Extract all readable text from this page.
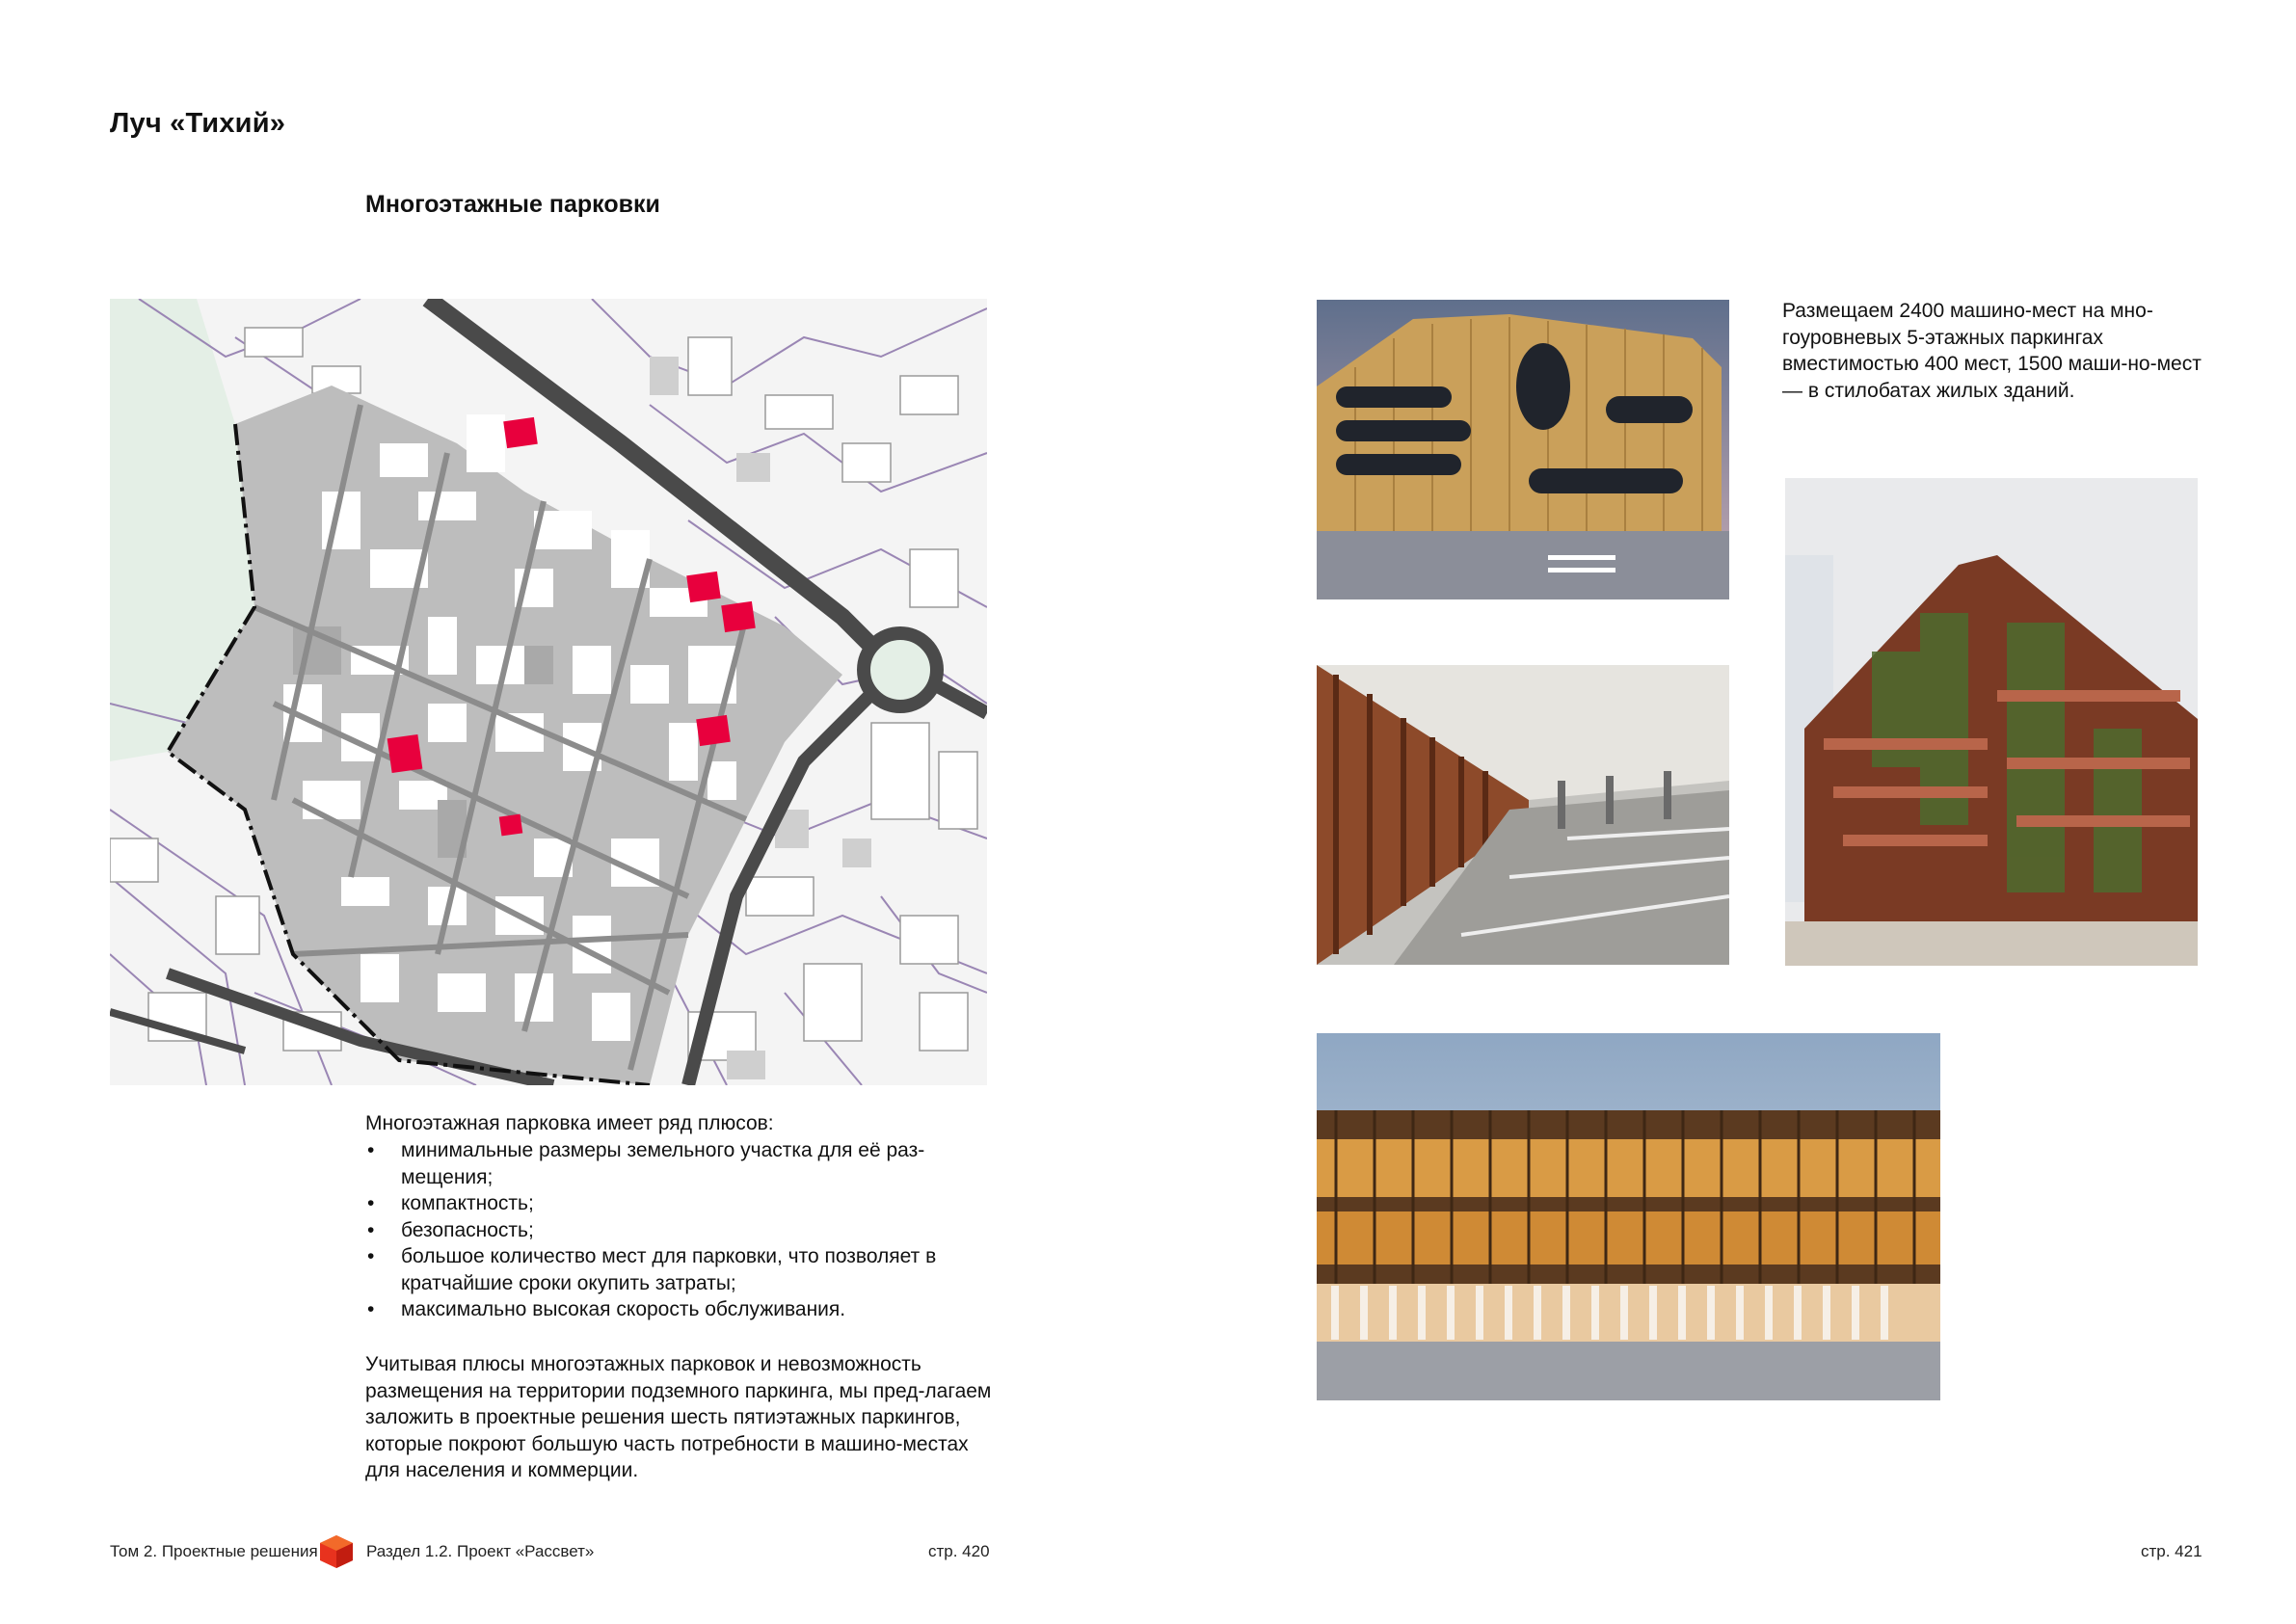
Луч «Тихий»
Многоэтажные парковки
Многоэтажная парковка имеет ряд плюсов:
• минимальные размеры земельного участка для её раз-мещения;
• компактность;
• безопасность;
• большое количество мест для парковки, что позволяет в кратчайшие сроки окупить затраты;
• максимально высокая скорость обслуживания.
Учитывая плюсы многоэтажных парковок и невозможность размещения на территории подземного паркинга, мы пред-лагаем заложить в проектные решения шесть пятиэтажных паркингов, которые покроют большую часть потребности в машино-местах для населения и коммерции.
Размещаем 2400 машино-мест на мно-гоуровневых 5-этажных паркингах вместимостью 400 мест, 1500 маши-но-мест — в стилобатах жилых зданий.
Том 2. Проектные решения	Раздел 1.2. Проект «Рассвет»	стр. 420	стр. 421
